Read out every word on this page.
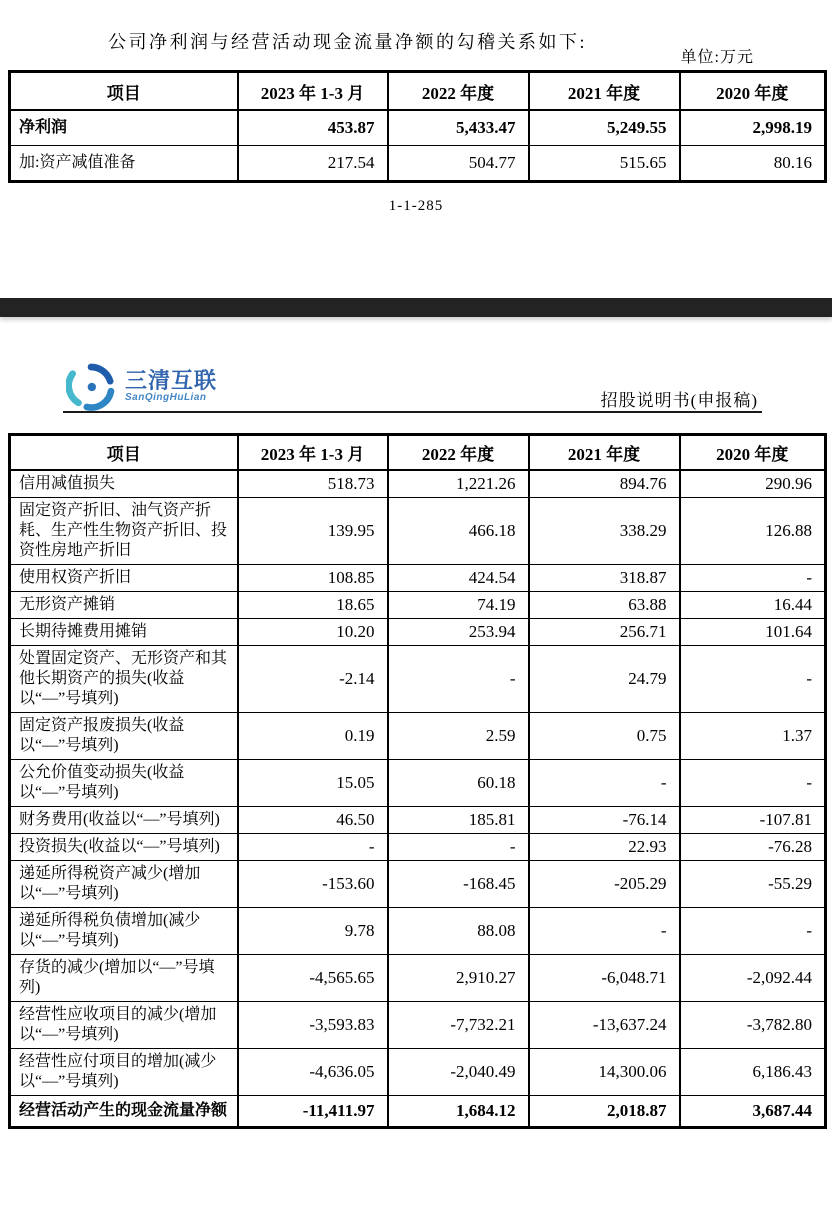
公司净利润与经营活动现金流量净额的勾稽关系如下:

单位:万元
项目	2023 年 1-3 月	2022 年度	2021 年度	2020 年度
净利润	453.87	5,433.47	5,249.55	2,998.19
加:资产减值准备	217.54	504.77	515.65	80.16
1-1-285
三清互联
SanQingHuLian	招股说明书(申报稿)
项目	2023 年 1-3 月	2022 年度	2021 年度	2020 年度
信用减值损失	518.73	1,221.26	894.76	290.96
固定资产折旧、油气资产折耗、生产性生物资产折旧、投资性房地产折旧	139.95	466.18	338.29	126.88
使用权资产折旧	108.85	424.54	318.87	-
无形资产摊销	18.65	74.19	63.88	16.44
长期待摊费用摊销	10.20	253.94	256.71	101.64
处置固定资产、无形资产和其他长期资产的损失(收益以“—”号填列)	-2.14	-	24.79	-
固定资产报废损失(收益以“—”号填列)	0.19	2.59	0.75	1.37
公允价值变动损失(收益以“—”号填列)	15.05	60.18	-	-
财务费用(收益以“—”号填列)	46.50	185.81	-76.14	-107.81
投资损失(收益以“—”号填列)	-	-	22.93	-76.28
递延所得税资产减少(增加以“—”号填列)	-153.60	-168.45	-205.29	-55.29
递延所得税负债增加(减少以“—”号填列)	9.78	88.08	-	-
存货的减少(增加以“—”号填列)	-4,565.65	2,910.27	-6,048.71	-2,092.44
经营性应收项目的减少(增加以“—”号填列)	-3,593.83	-7,732.21	-13,637.24	-3,782.80
经营性应付项目的增加(减少以“—”号填列)	-4,636.05	-2,040.49	14,300.06	6,186.43
经营活动产生的现金流量净额	-11,411.97	1,684.12	2,018.87	3,687.44
